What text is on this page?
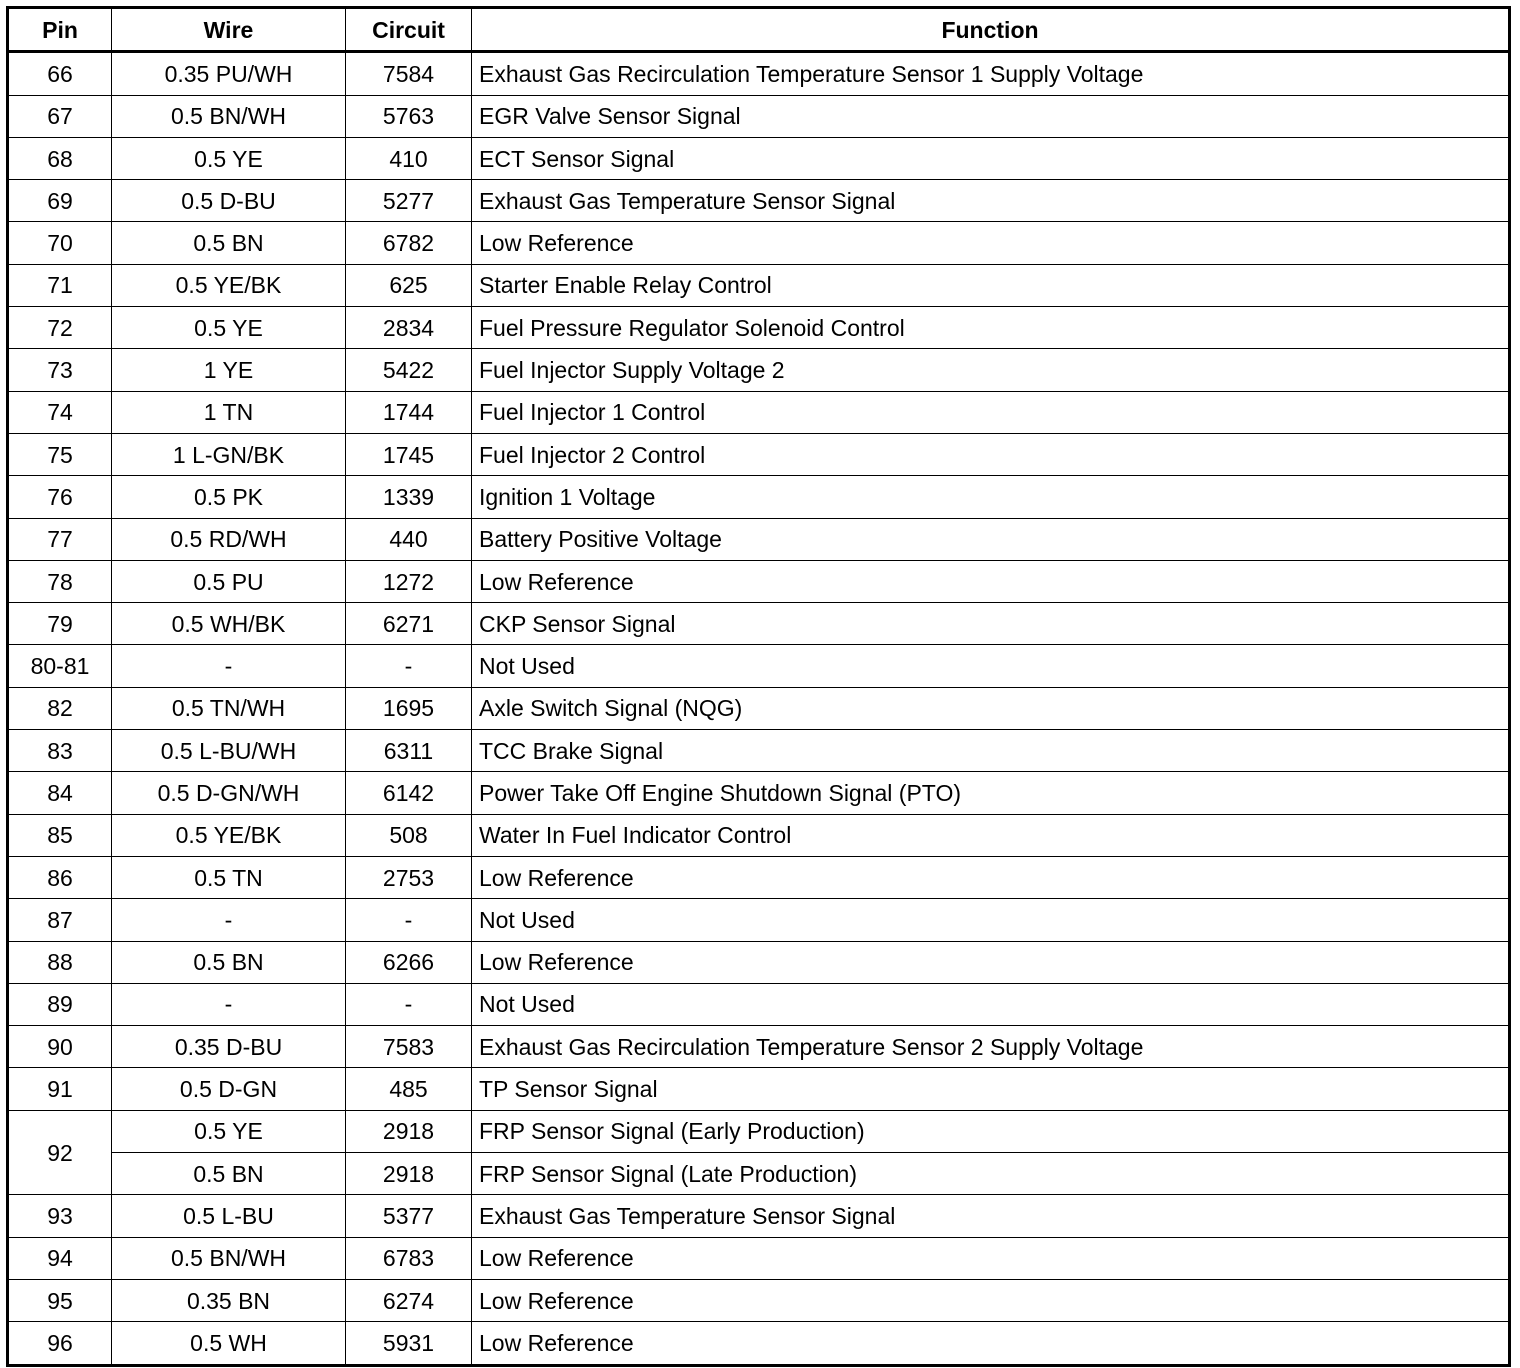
Pin	Wire	Circuit	Function
66	0.35 PU/WH	7584	Exhaust Gas Recirculation Temperature Sensor 1 Supply Voltage
67	0.5 BN/WH	5763	EGR Valve Sensor Signal
68	0.5 YE	410	ECT Sensor Signal
69	0.5 D-BU	5277	Exhaust Gas Temperature Sensor Signal
70	0.5 BN	6782	Low Reference
71	0.5 YE/BK	625	Starter Enable Relay Control
72	0.5 YE	2834	Fuel Pressure Regulator Solenoid Control
73	1 YE	5422	Fuel Injector Supply Voltage 2
74	1 TN	1744	Fuel Injector 1 Control
75	1 L-GN/BK	1745	Fuel Injector 2 Control
76	0.5 PK	1339	Ignition 1 Voltage
77	0.5 RD/WH	440	Battery Positive Voltage
78	0.5 PU	1272	Low Reference
79	0.5 WH/BK	6271	CKP Sensor Signal
80-81	-	-	Not Used
82	0.5 TN/WH	1695	Axle Switch Signal (NQG)
83	0.5 L-BU/WH	6311	TCC Brake Signal
84	0.5 D-GN/WH	6142	Power Take Off Engine Shutdown Signal (PTO)
85	0.5 YE/BK	508	Water In Fuel Indicator Control
86	0.5 TN	2753	Low Reference
87	-	-	Not Used
88	0.5 BN	6266	Low Reference
89	-	-	Not Used
90	0.35 D-BU	7583	Exhaust Gas Recirculation Temperature Sensor 2 Supply Voltage
91	0.5 D-GN	485	TP Sensor Signal
92	0.5 YE	2918	FRP Sensor Signal (Early Production)
	0.5 BN	2918	FRP Sensor Signal (Late Production)
93	0.5 L-BU	5377	Exhaust Gas Temperature Sensor Signal
94	0.5 BN/WH	6783	Low Reference
95	0.35 BN	6274	Low Reference
96	0.5 WH	5931	Low Reference
